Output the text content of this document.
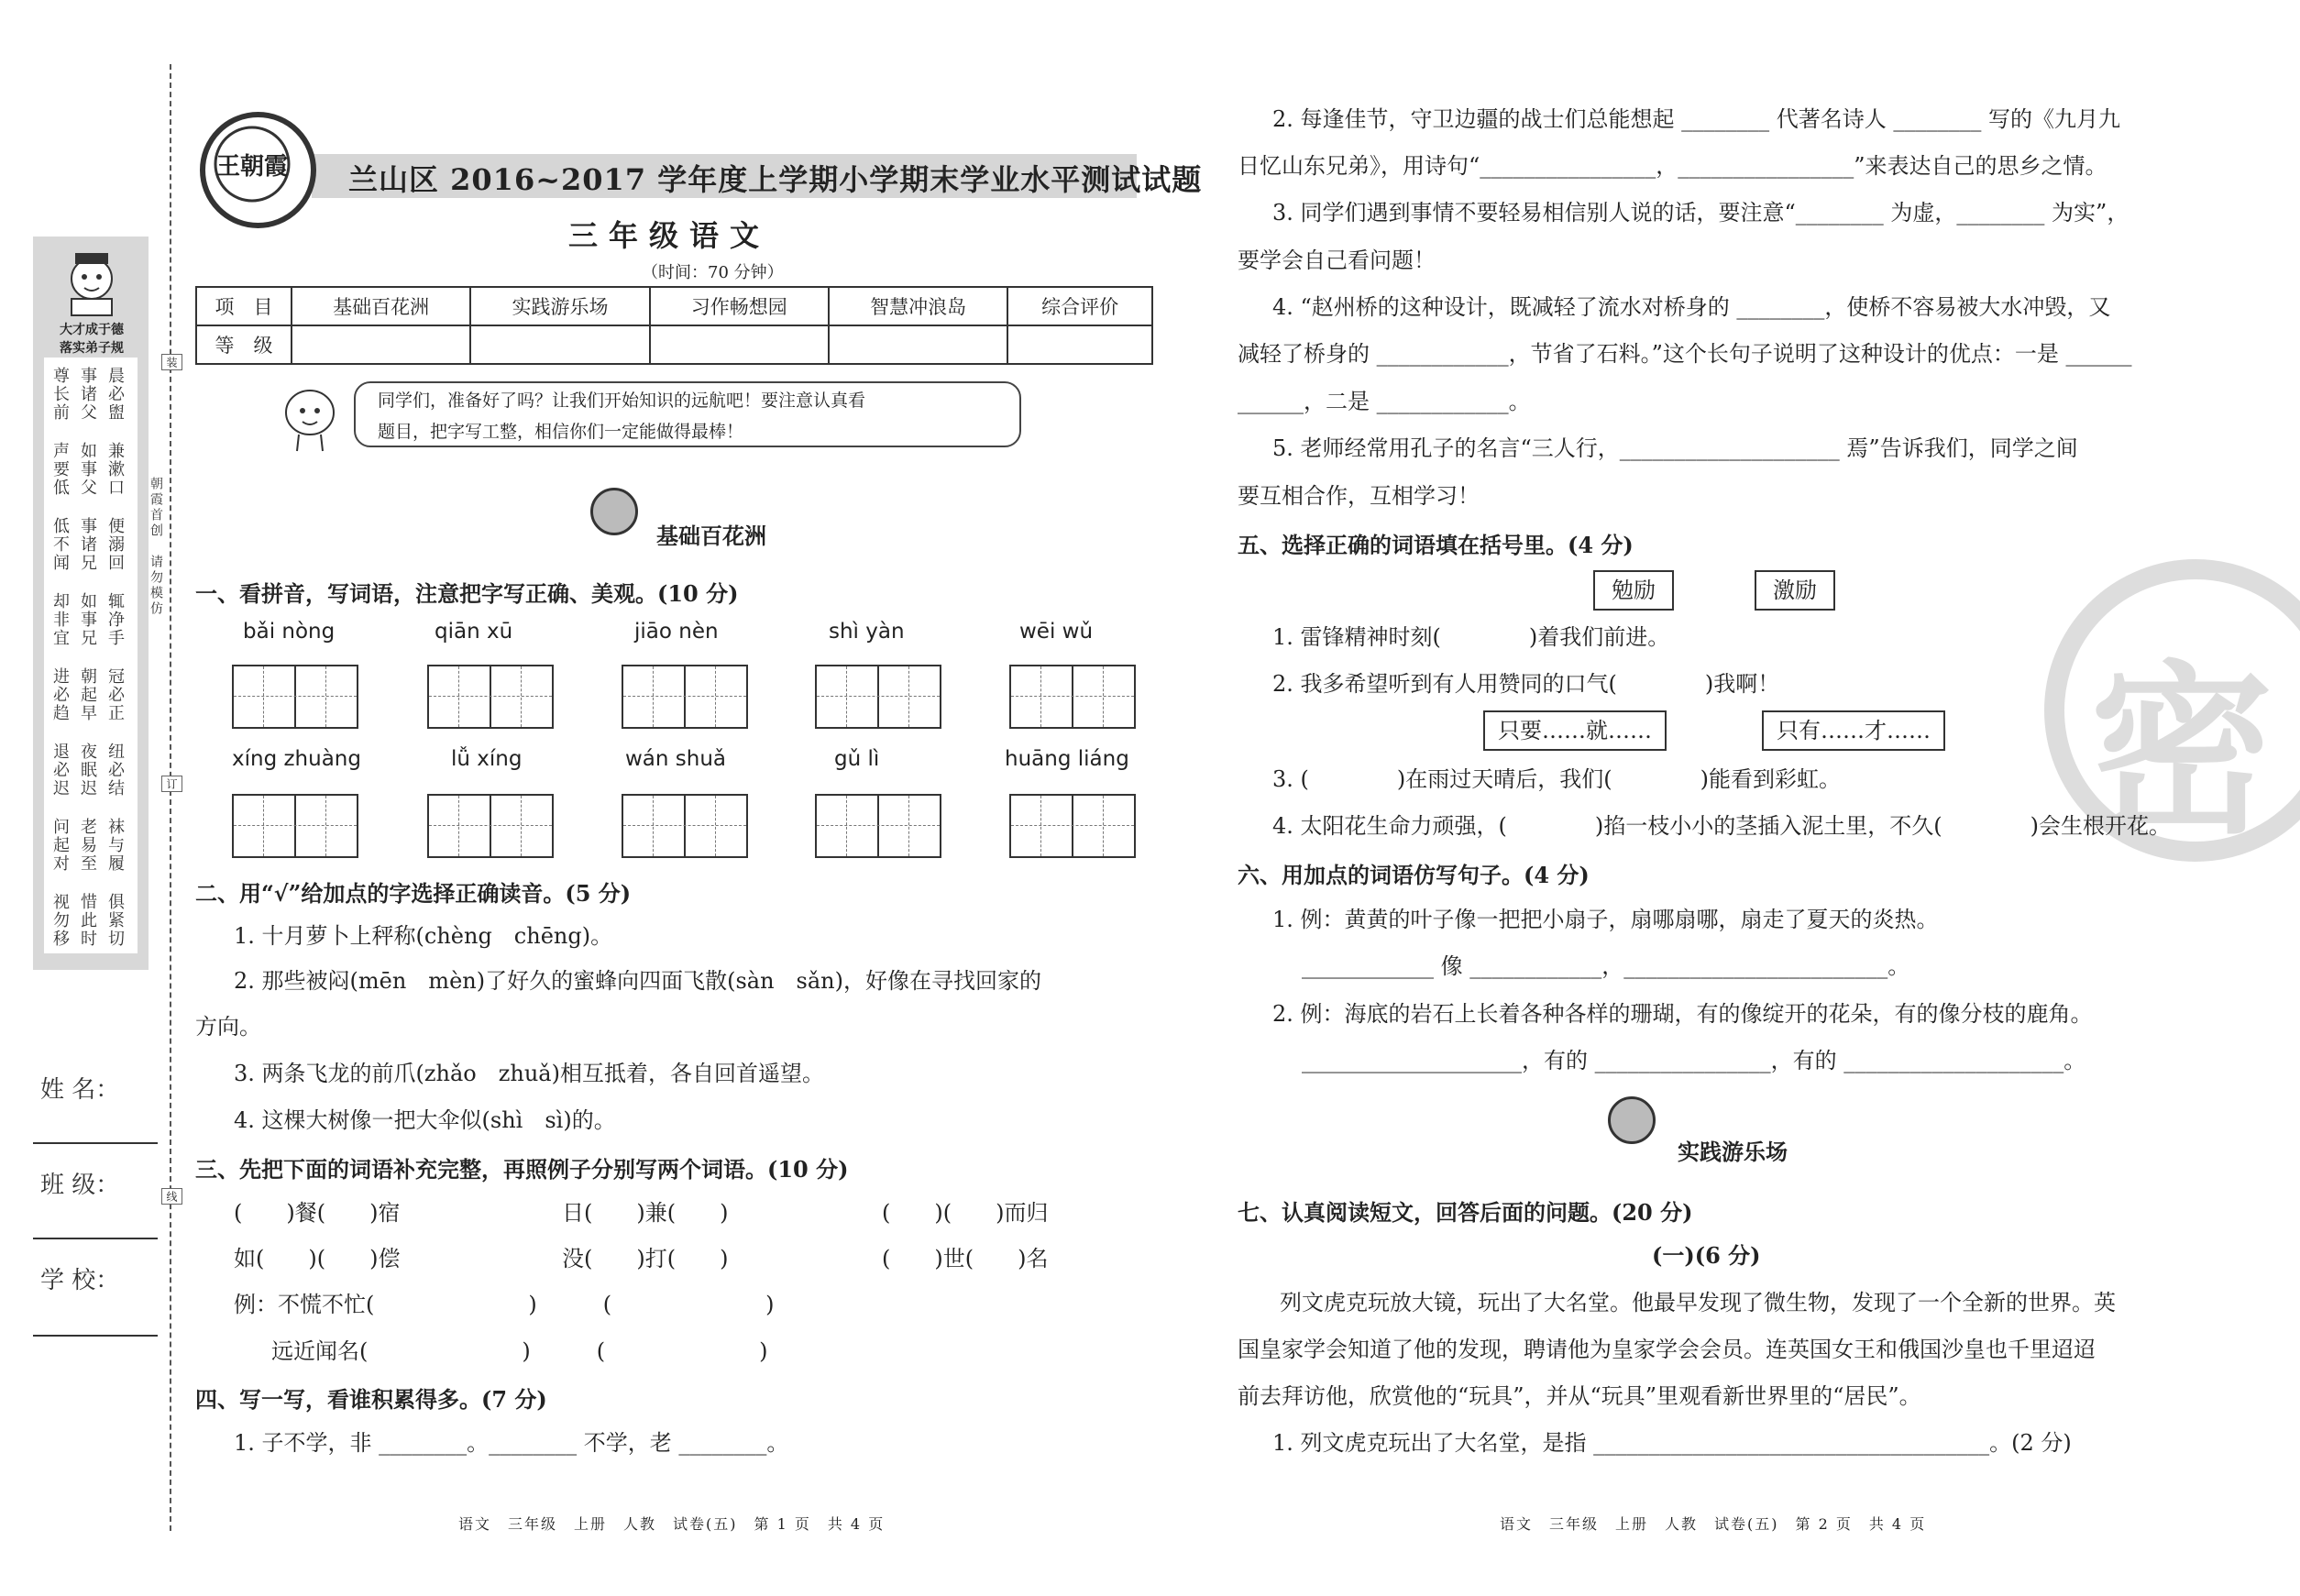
大才成于德
落实弟子规
晨必盥
事诸父
尊长前
兼漱口
如事父
声要低
便溺回
事诸兄
低不闻
辄净手
如事兄
却非宜
冠必正
朝起早
进必趋
纽必结
夜眠迟
退必迟
袜与履
老易至
问起对
俱紧切
惜此时
视勿移
朝霞首创　请勿模仿
装
订
线
姓 名：
班 级：
学 校：
王朝霞 兰山区 2016~2017 学年度上学期小学期末学业水平测试试题
三年级语文
（时间：70 分钟）
项　目	基础百花洲	实践游乐场	习作畅想园	智慧冲浪岛	综合评价
等　级					
同学们，准备好了吗？让我们开始知识的远航吧！要注意认真看
题目，把字写工整，相信你们一定能做得最棒！
基础百花洲
一、看拼音，写词语，注意把字写正确、美观。(10 分)
bǎi nòng	qiān xū	jiāo nèn	shì yàn	wēi wǔ
xíng zhuàng	lǚ xíng	wán shuǎ	gǔ lì	huāng liáng
二、用“√”给加点的字选择正确读音。(5 分)
1. 十月萝卜上秤称(chèng　chēng)。
2. 那些被闷(mēn　mèn)了好久的蜜蜂向四面飞散(sàn　sǎn)，好像在寻找回家的
方向。
3. 两条飞龙的前爪(zhǎo　zhuǎ)相互抵着，各自回首遥望。
4. 这棵大树像一把大伞似(shì　sì)的。
三、先把下面的词语补充完整，再照例子分别写两个词语。(10 分)
(　　)餐(　　)宿	日(　　)兼(　　)	(　　)(　　)而归
如(　　)(　　)偿	没(　　)打(　　)	(　　)世(　　)名
例：不慌不忙(　　　　　　　)　　　(　　　　　　　)
远近闻名(　　　　　　　)　　　(　　　　　　　)
四、写一写，看谁积累得多。(7 分)
1. 子不学，非 ________。________ 不学，老 ________。
语文　三年级　上册　人教　试卷(五)　第 1 页　共 4 页
密
2. 每逢佳节，守卫边疆的战士们总能想起 ________ 代著名诗人 ________ 写的《九月九
日忆山东兄弟》，用诗句“________________，________________”来表达自己的思乡之情。
3. 同学们遇到事情不要轻易相信别人说的话，要注意“________ 为虚，________ 为实”，
要学会自己看问题！
4. “赵州桥的这种设计，既减轻了流水对桥身的 ________，使桥不容易被大水冲毁，又
减轻了桥身的 ____________，节省了石料。”这个长句子说明了这种设计的优点：一是 ______
______，二是 ____________。
5. 老师经常用孔子的名言“三人行，____________________ 焉”告诉我们，同学之间
要互相合作，互相学习！
五、选择正确的词语填在括号里。(4 分)
勉励	激励
1. 雷锋精神时刻(　　　　)着我们前进。
2. 我多希望听到有人用赞同的口气(　　　　)我啊！
只要……就……	只有……才……
3. (　　　　)在雨过天晴后，我们(　　　　)能看到彩虹。
4. 太阳花生命力顽强，(　　　　)掐一枝小小的茎插入泥土里，不久(　　　　)会生根开花。
六、用加点的词语仿写句子。(4 分)
1. 例：黄黄的叶子像一把把小扇子，扇哪扇哪，扇走了夏天的炎热。
____________ 像 ____________，________________________。
2. 例：海底的岩石上长着各种各样的珊瑚，有的像绽开的花朵，有的像分枝的鹿角。
____________________，有的 ________________，有的 ____________________。
实践游乐场
七、认真阅读短文，回答后面的问题。(20 分)
(一)(6 分)
列文虎克玩放大镜，玩出了大名堂。他最早发现了微生物，发现了一个全新的世界。英
国皇家学会知道了他的发现，聘请他为皇家学会会员。连英国女王和俄国沙皇也千里迢迢
前去拜访他，欣赏他的“玩具”，并从“玩具”里观看新世界里的“居民”。
1. 列文虎克玩出了大名堂，是指 ____________________________________。(2 分)
语文　三年级　上册　人教　试卷(五)　第 2 页　共 4 页
